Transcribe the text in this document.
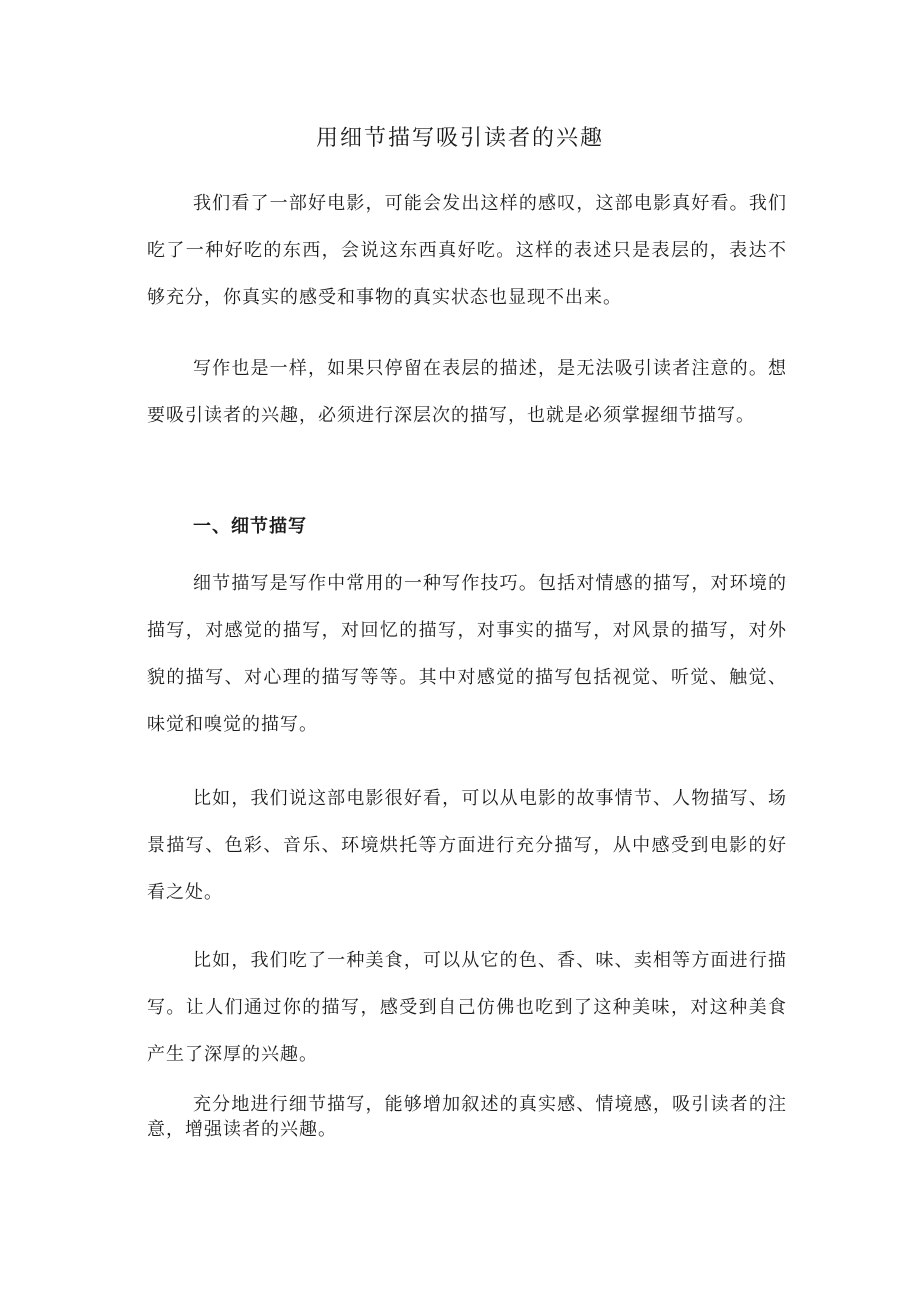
用细节描写吸引读者的兴趣

我们看了一部好电影，可能会发出这样的感叹，这部电影真好看。我们吃了一种好吃的东西，会说这东西真好吃。这样的表述只是表层的，表达不够充分，你真实的感受和事物的真实状态也显现不出来。

写作也是一样，如果只停留在表层的描述，是无法吸引读者注意的。想要吸引读者的兴趣，必须进行深层次的描写，也就是必须掌握细节描写。

一、细节描写

细节描写是写作中常用的一种写作技巧。包括对情感的描写，对环境的描写，对感觉的描写，对回忆的描写，对事实的描写，对风景的描写，对外貌的描写、对心理的描写等等。其中对感觉的描写包括视觉、听觉、触觉、味觉和嗅觉的描写。

比如，我们说这部电影很好看，可以从电影的故事情节、人物描写、场景描写、色彩、音乐、环境烘托等方面进行充分描写，从中感受到电影的好看之处。

比如，我们吃了一种美食，可以从它的色、香、味、卖相等方面进行描写。让人们通过你的描写，感受到自己仿佛也吃到了这种美味，对这种美食产生了深厚的兴趣。

充分地进行细节描写，能够增加叙述的真实感、情境感，吸引读者的注意，增强读者的兴趣。
